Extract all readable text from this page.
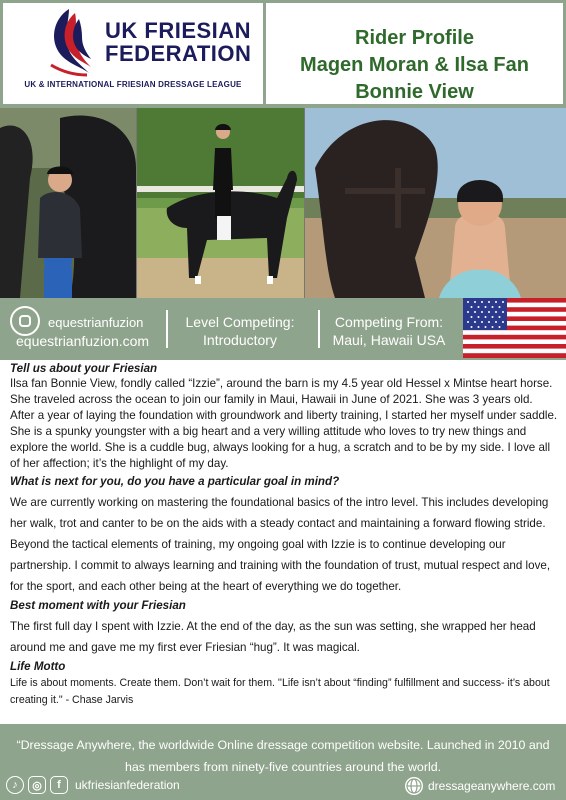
UK FRIESIAN
FEDERATION
UK & INTERNATIONAL FRIESIAN DRESSAGE LEAGUE
Rider Profile
Magen Moran & Ilsa Fan
Bonnie View
equestrianfuzion
equestrianfuzion.com
Level Competing:
Introductory
Competing From:
Maui, Hawaii USA
Tell us about your Friesian
Ilsa fan Bonnie View, fondly called “Izzie”, around the barn is my 4.5 year old Hessel x Mintse heart horse. She traveled across the ocean to join our family in Maui, Hawaii in June of 2021. She was 3 years old. After a year of laying the foundation with groundwork and liberty training, I started her myself under saddle. She is a spunky youngster with a big heart and a very willing attitude who loves to try new things and explore the world. She is a cuddle bug, always looking for a hug, a scratch and to be by my side. I love all of her affection; it’s the highlight of my day.
What is next for you, do you have a particular goal in mind?
We are currently working on mastering the foundational basics of the intro level. This includes developing her walk, trot and canter to be on the aids with a steady contact and maintaining a forward flowing stride. Beyond the tactical elements of training, my ongoing goal with Izzie is to continue developing our partnership. I commit to always learning and training with the foundation of trust, mutual respect and love, for the sport, and each other being at the heart of everything we do together.
Best moment with your Friesian
The first full day I spent with Izzie. At the end of the day, as the sun was setting, she wrapped her head around me and gave me my first ever Friesian “hug”. It was magical.
Life Motto
Life is about moments. Create them. Don’t wait for them. ''Life isn’t about “finding” fulfillment and success- it’s about creating it." - Chase Jarvis
“Dressage Anywhere, the worldwide Online dressage competition website. Launched in 2010 and has members from ninety-five countries around the world.
♪	◎	f	ukfriesianfederation	dressageanywhere.com
